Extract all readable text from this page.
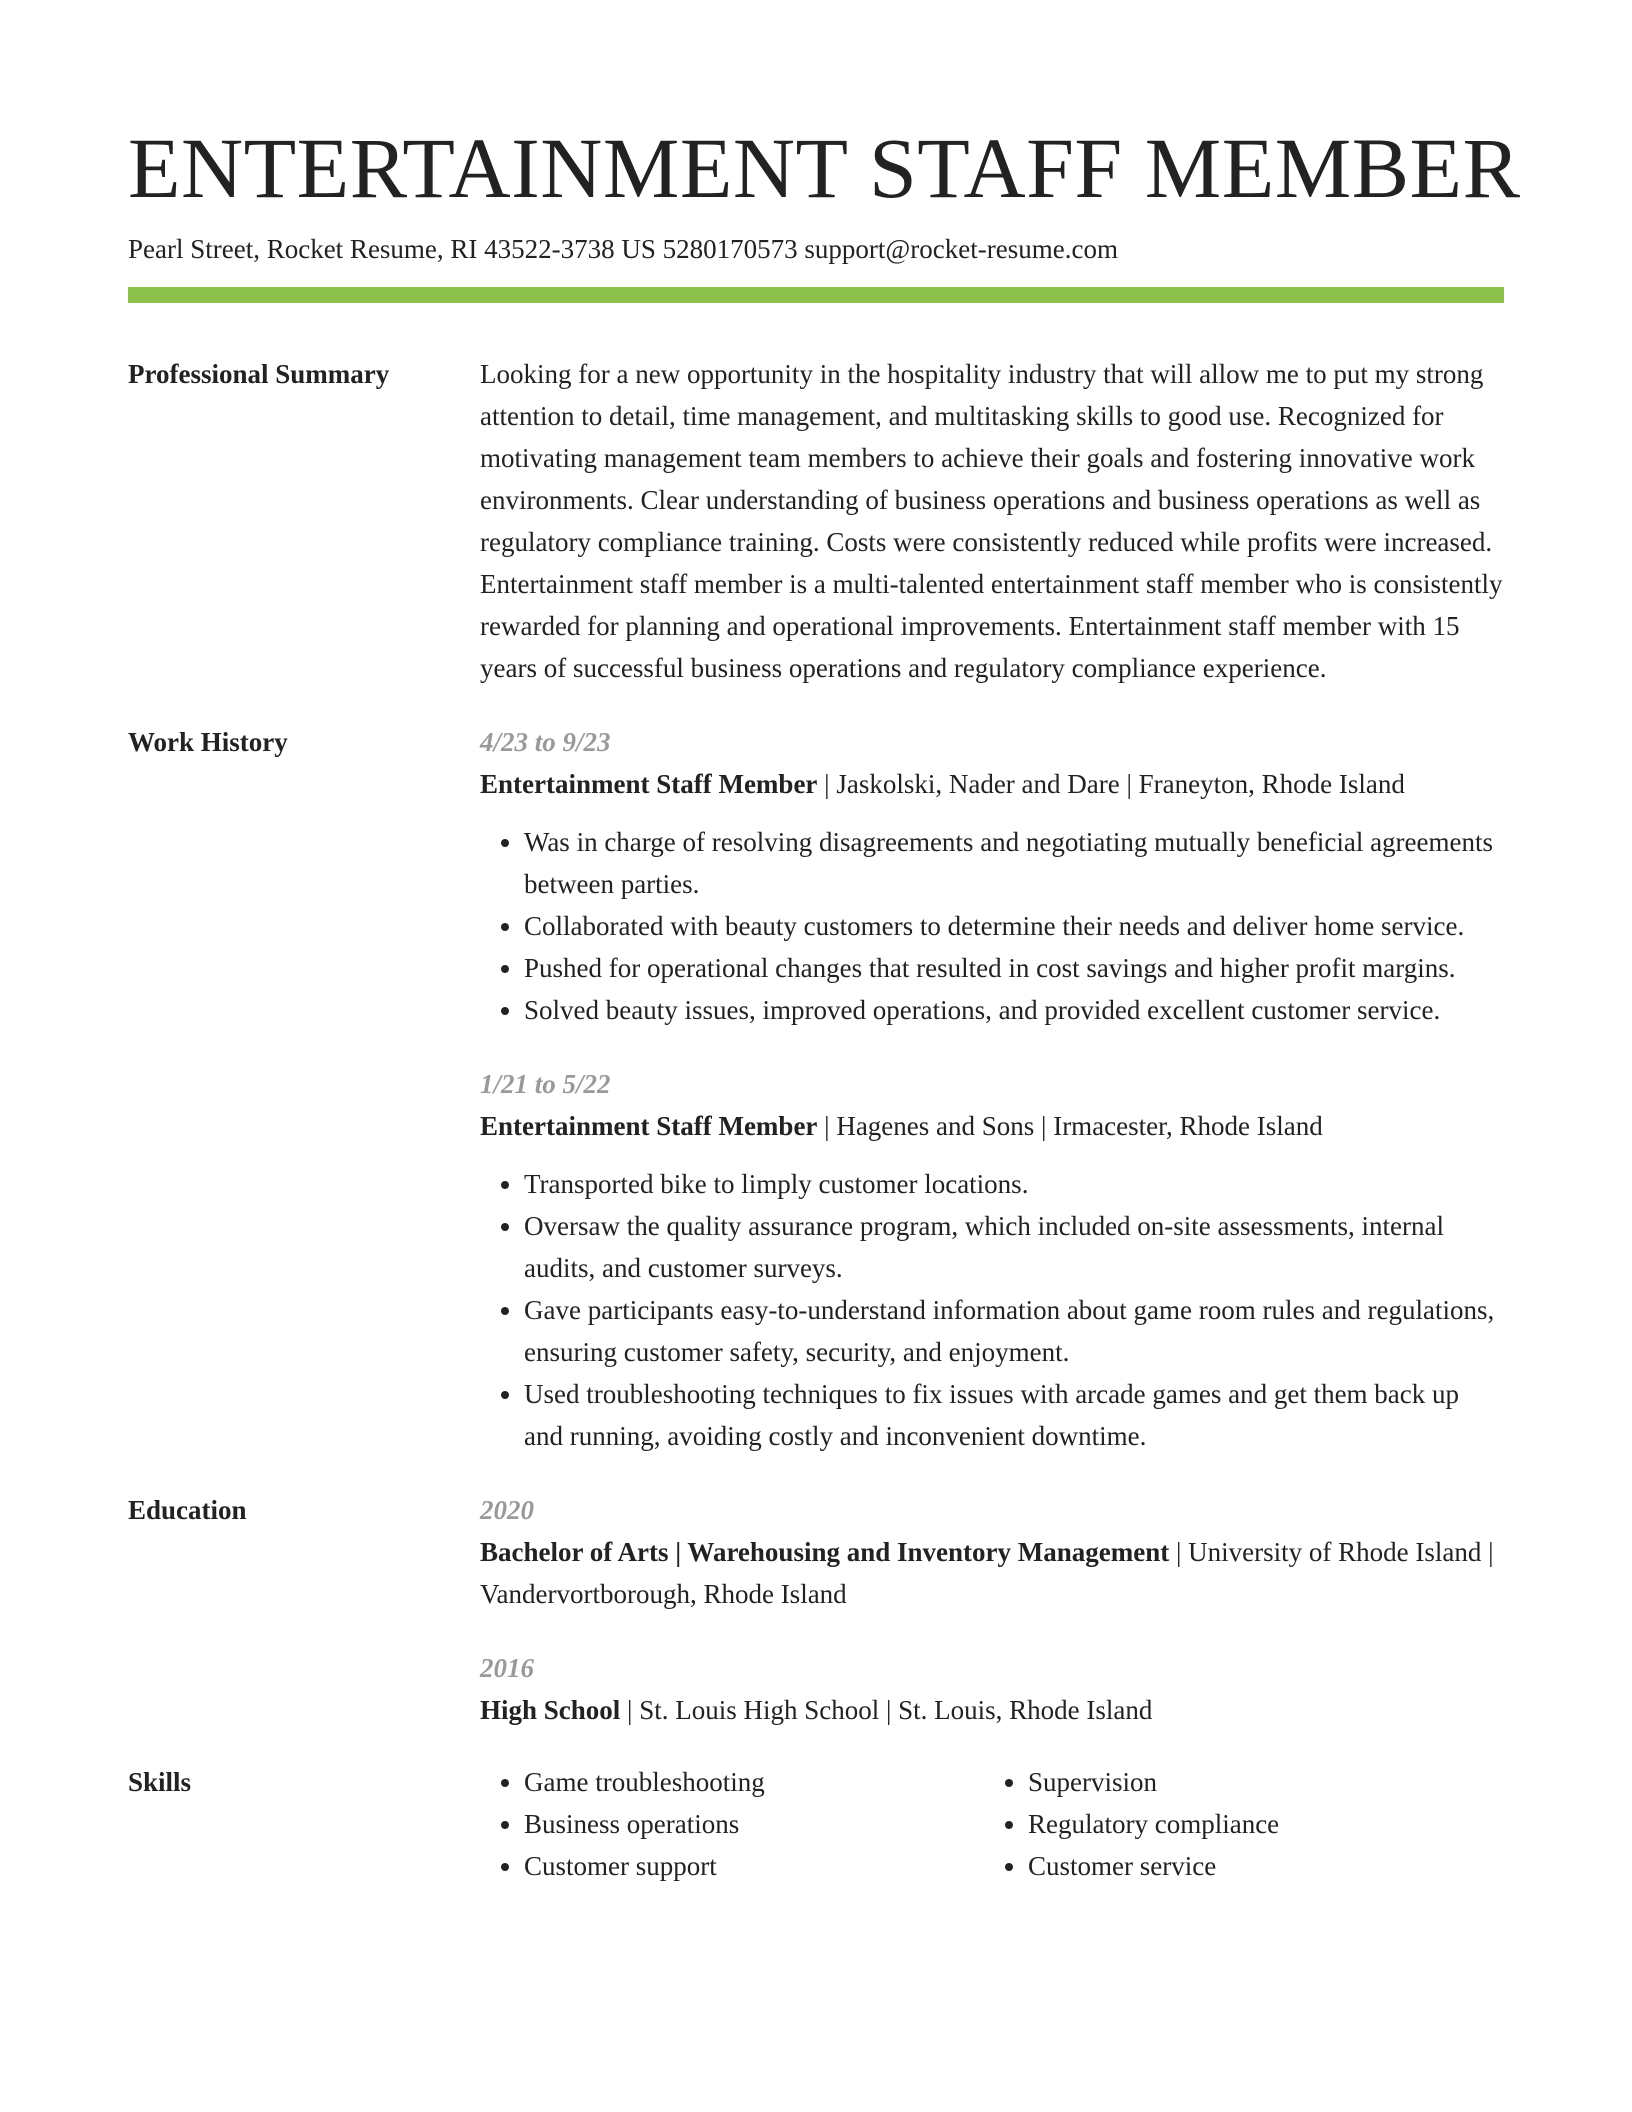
ENTERTAINMENT STAFF MEMBER
Pearl Street, Rocket Resume, RI 43522-3738 US 5280170573 support@rocket-resume.com
Professional Summary	Looking for a new opportunity in the hospitality industry that will allow me to put my strong attention to detail, time management, and multitasking skills to good use. Recognized for motivating management team members to achieve their goals and fostering innovative work environments. Clear understanding of business operations and business operations as well as regulatory compliance training. Costs were consistently reduced while profits were increased. Entertainment staff member is a multi-talented entertainment staff member who is consistently rewarded for planning and operational improvements. Entertainment staff member with 15 years of successful business operations and regulatory compliance experience.

Work History	4/23 to 9/23
Entertainment Staff Member | Jaskolski, Nader and Dare | Franeyton, Rhode Island
• Was in charge of resolving disagreements and negotiating mutually beneficial agreements between parties.
• Collaborated with beauty customers to determine their needs and deliver home service.
• Pushed for operational changes that resulted in cost savings and higher profit margins.
• Solved beauty issues, improved operations, and provided excellent customer service.
1/21 to 5/22
Entertainment Staff Member | Hagenes and Sons | Irmacester, Rhode Island
• Transported bike to limply customer locations.
• Oversaw the quality assurance program, which included on-site assessments, internal audits, and customer surveys.
• Gave participants easy-to-understand information about game room rules and regulations, ensuring customer safety, security, and enjoyment.
• Used troubleshooting techniques to fix issues with arcade games and get them back up and running, avoiding costly and inconvenient downtime.
Education	2020
Bachelor of Arts | Warehousing and Inventory Management | University of Rhode Island | Vandervortborough, Rhode Island
2016
High School | St. Louis High School | St. Louis, Rhode Island
Skills
•	Game troubleshooting
• Business operations
• Customer support
• Supervision
• Regulatory compliance
• Customer service
